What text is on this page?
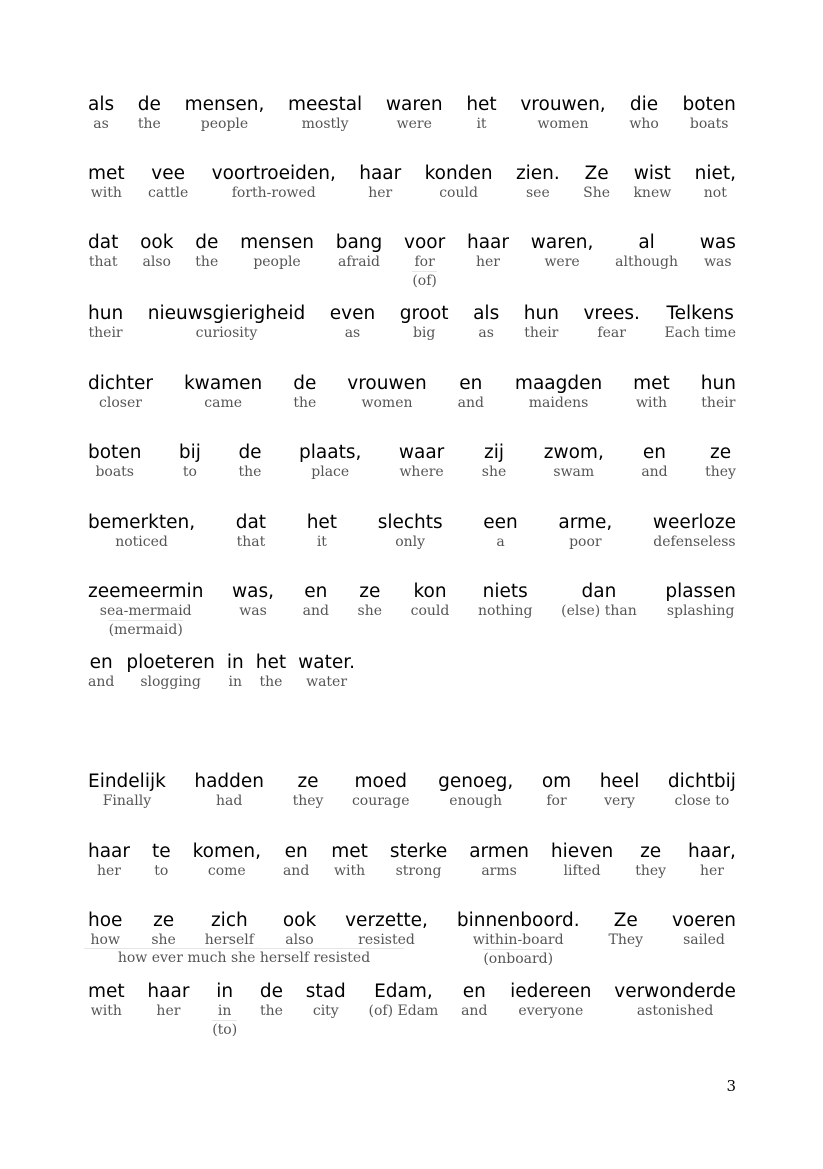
als
as
de
the
mensen,
people
meestal
mostly
waren
were
het
it
vrouwen,
women
die
who
boten
boats
met
with
vee
cattle
voortroeiden,
forth-rowed
haar
her
konden
could
zien.
see
Ze
She
wist
knew
niet,
not
dat
that
ook
also
de
the
mensen
people
bang
afraid
voor
for
(of)
haar
her
waren,
were
al
although
was
was
hun
their
nieuwsgierigheid
curiosity
even
as
groot
big
als
as
hun
their
vrees.
fear
Telkens
Each time
dichter
closer
kwamen
came
de
the
vrouwen
women
en
and
maagden
maidens
met
with
hun
their
boten
boats
bij
to
de
the
plaats,
place
waar
where
zij
she
zwom,
swam
en
and
ze
they
bemerkten,
noticed
dat
that
het
it
slechts
only
een
a
arme,
poor
weerloze
defenseless
zeemeermin
sea-mermaid
(mermaid)
was,
was
en
and
ze
she
kon
could
niets
nothing
dan
(else) than
plassen
splashing
en
and
ploeteren
slogging
in
in
het
the
water.
water
Eindelijk
Finally
hadden
had
ze
they
moed
courage
genoeg,
enough
om
for
heel
very
dichtbij
close to
haar
her
te
to
komen,
come
en
and
met
with
sterke
strong
armen
arms
hieven
lifted
ze
they
haar,
her
hoe
how
ze
she
zich
herself
ook
also
verzette,
resisted
binnenboord.
within-board
(onboard)
Ze
They
voeren
sailed
how ever much she herself resisted
met
with
haar
her
in
in
(to)
de
the
stad
city
Edam,
(of) Edam
en
and
iedereen
everyone
verwonderde
astonished
3
